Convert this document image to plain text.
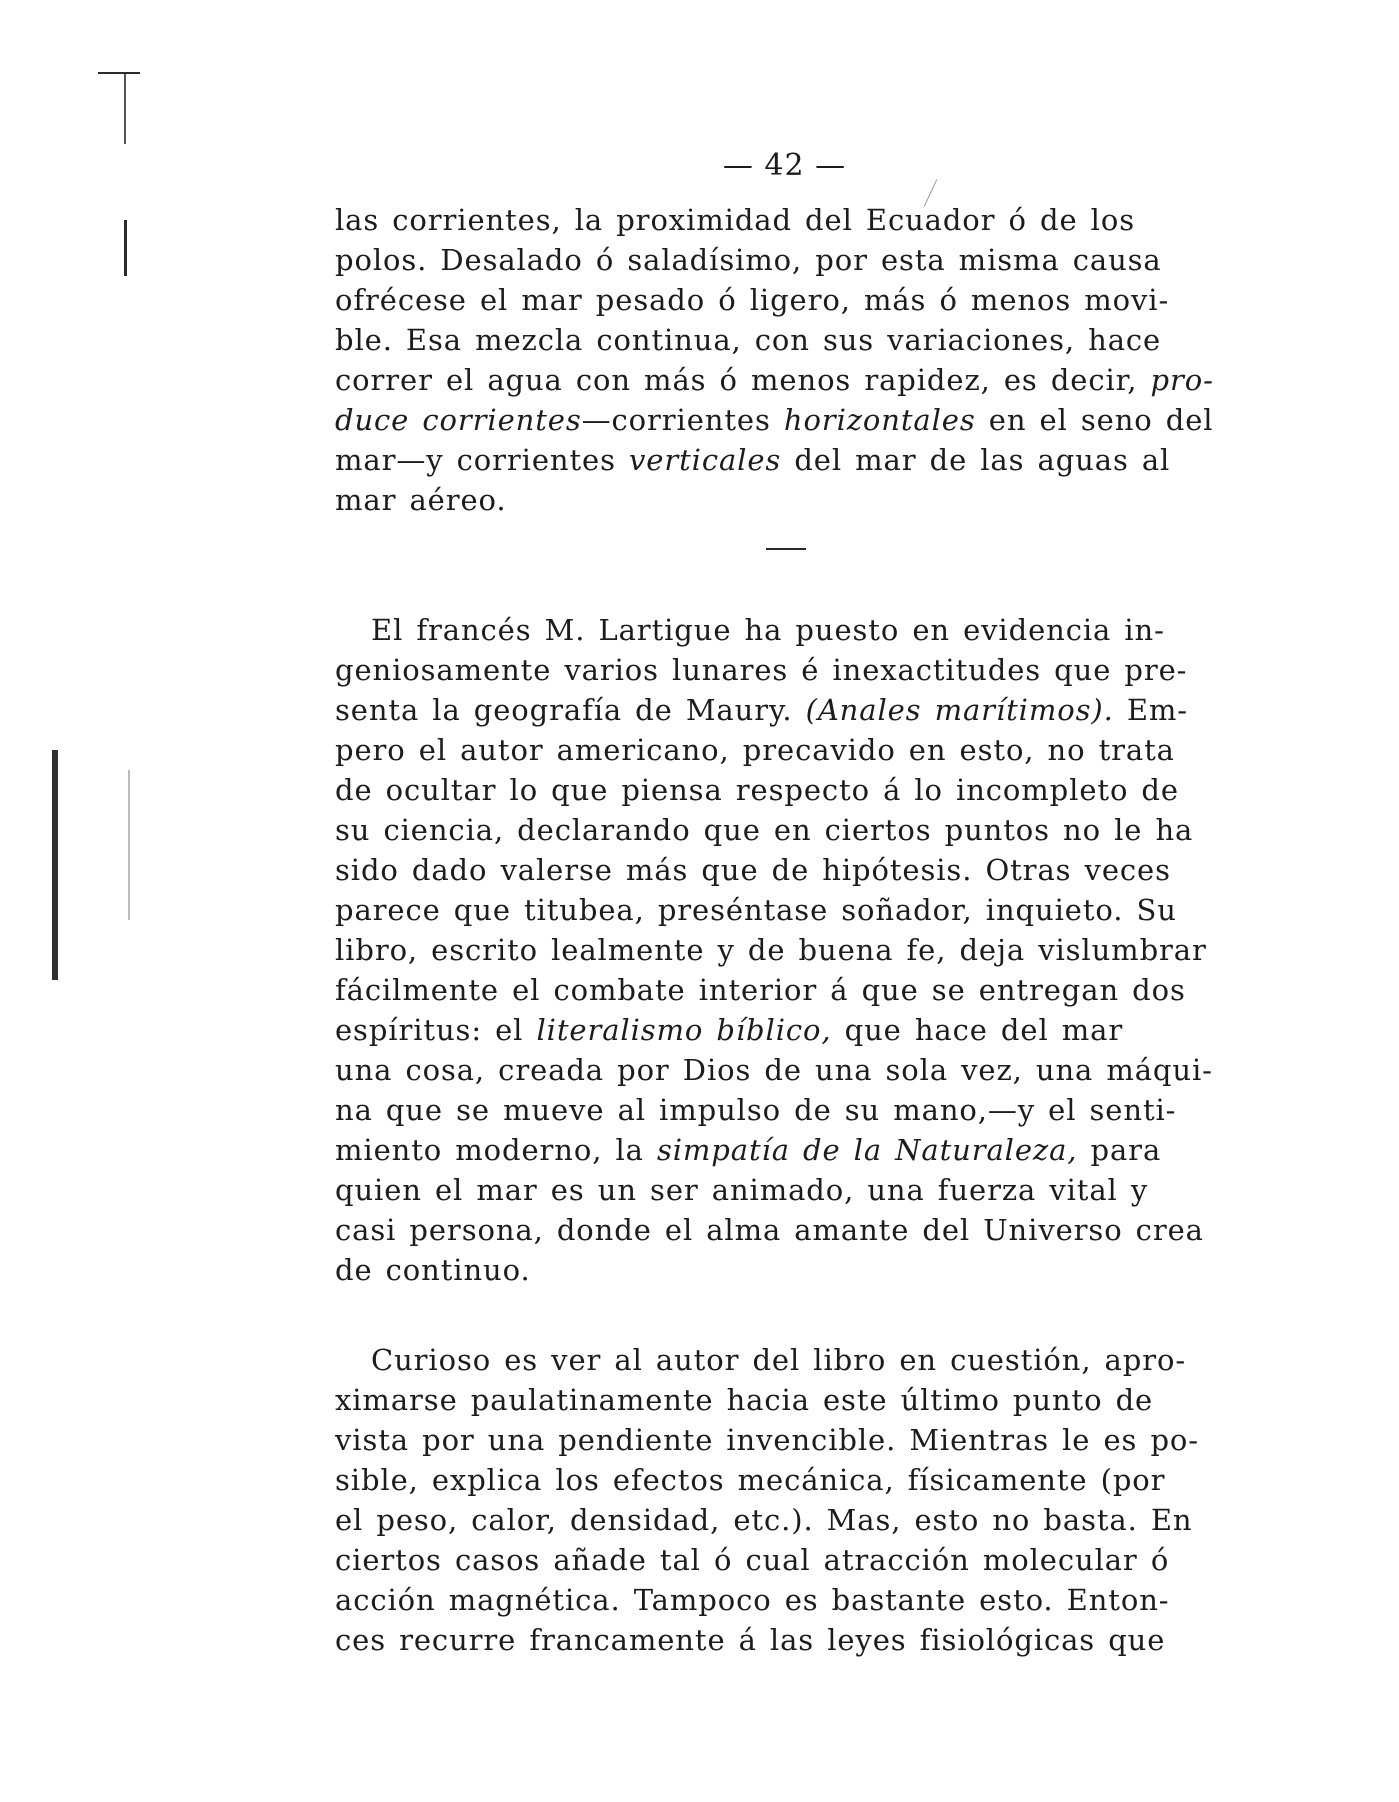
— 42 —

las corrientes, la proximidad del Ecuador ó de los

polos. Desalado ó saladísimo, por esta misma causa

ofrécese el mar pesado ó ligero, más ó menos movi-

ble. Esa mezcla continua, con sus variaciones, hace

correr el agua con más ó menos rapidez, es decir, pro-

duce corrientes—corrientes horizontales en el seno del

mar—y corrientes verticales del mar de las aguas al

mar aéreo.

El francés M. Lartigue ha puesto en evidencia in-

geniosamente varios lunares é inexactitudes que pre-

senta la geografía de Maury. (Anales marítimos). Em-

pero el autor americano, precavido en esto, no trata

de ocultar lo que piensa respecto á lo incompleto de

su ciencia, declarando que en ciertos puntos no le ha

sido dado valerse más que de hipótesis. Otras veces

parece que titubea, preséntase soñador, inquieto. Su

libro, escrito lealmente y de buena fe, deja vislumbrar

fácilmente el combate interior á que se entregan dos

espíritus: el literalismo bíblico, que hace del mar

una cosa, creada por Dios de una sola vez, una máqui-

na que se mueve al impulso de su mano,—y el senti-

miento moderno, la simpatía de la Naturaleza, para

quien el mar es un ser animado, una fuerza vital y

casi persona, donde el alma amante del Universo crea

de continuo.

Curioso es ver al autor del libro en cuestión, apro-

ximarse paulatinamente hacia este último punto de

vista por una pendiente invencible. Mientras le es po-

sible, explica los efectos mecánica, físicamente (por

el peso, calor, densidad, etc.). Mas, esto no basta. En

ciertos casos añade tal ó cual atracción molecular ó

acción magnética. Tampoco es bastante esto. Enton-

ces recurre francamente á las leyes fisiológicas que
